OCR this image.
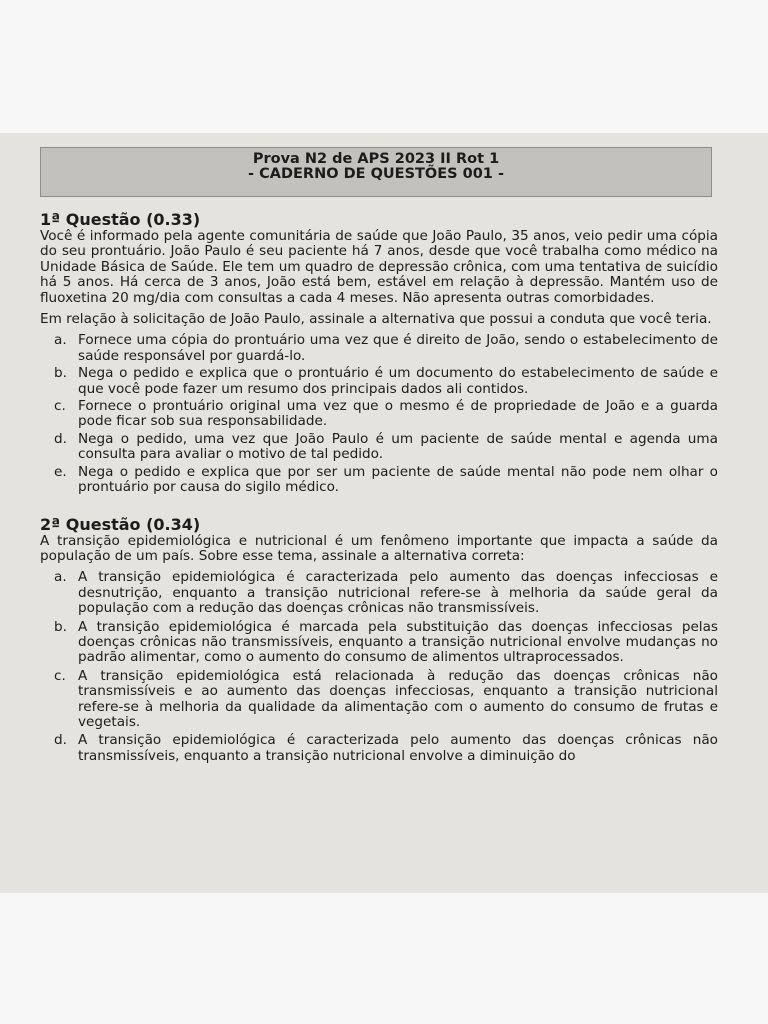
Prova N2 de APS 2023 II Rot 1
- CADERNO DE QUESTÕES 001 -
1ª Questão (0.33)

Você é informado pela agente comunitária de saúde que João Paulo, 35 anos, veio pedir uma cópia do seu prontuário. João Paulo é seu paciente há 7 anos, desde que você trabalha como médico na Unidade Básica de Saúde. Ele tem um quadro de depressão crônica, com uma tentativa de suicídio há 5 anos. Há cerca de 3 anos, João está bem, estável em relação à depressão. Mantém uso de fluoxetina 20 mg/dia com consultas a cada 4 meses. Não apresenta outras comorbidades.

Em relação à solicitação de João Paulo, assinale a alternativa que possui a conduta que você teria.

a. Fornece uma cópia do prontuário uma vez que é direito de João, sendo o estabelecimento de saúde responsável por guardá-lo.
b. Nega o pedido e explica que o prontuário é um documento do estabelecimento de saúde e que você pode fazer um resumo dos principais dados ali contidos.
c. Fornece o prontuário original uma vez que o mesmo é de propriedade de João e a guarda pode ficar sob sua responsabilidade.
d. Nega o pedido, uma vez que João Paulo é um paciente de saúde mental e agenda uma consulta para avaliar o motivo de tal pedido.
e. Nega o pedido e explica que por ser um paciente de saúde mental não pode nem olhar o prontuário por causa do sigilo médico.
2ª Questão (0.34)

A transição epidemiológica e nutricional é um fenômeno importante que impacta a saúde da população de um país. Sobre esse tema, assinale a alternativa correta:

a. A transição epidemiológica é caracterizada pelo aumento das doenças infecciosas e desnutrição, enquanto a transição nutricional refere-se à melhoria da saúde geral da população com a redução das doenças crônicas não transmissíveis.
b. A transição epidemiológica é marcada pela substituição das doenças infecciosas pelas doenças crônicas não transmissíveis, enquanto a transição nutricional envolve mudanças no padrão alimentar, como o aumento do consumo de alimentos ultraprocessados.
c. A transição epidemiológica está relacionada à redução das doenças crônicas não transmissíveis e ao aumento das doenças infecciosas, enquanto a transição nutricional refere-se à melhoria da qualidade da alimentação com o aumento do consumo de frutas e vegetais.
d. A transição epidemiológica é caracterizada pelo aumento das doenças crônicas não transmissíveis, enquanto a transição nutricional envolve a diminuição do
